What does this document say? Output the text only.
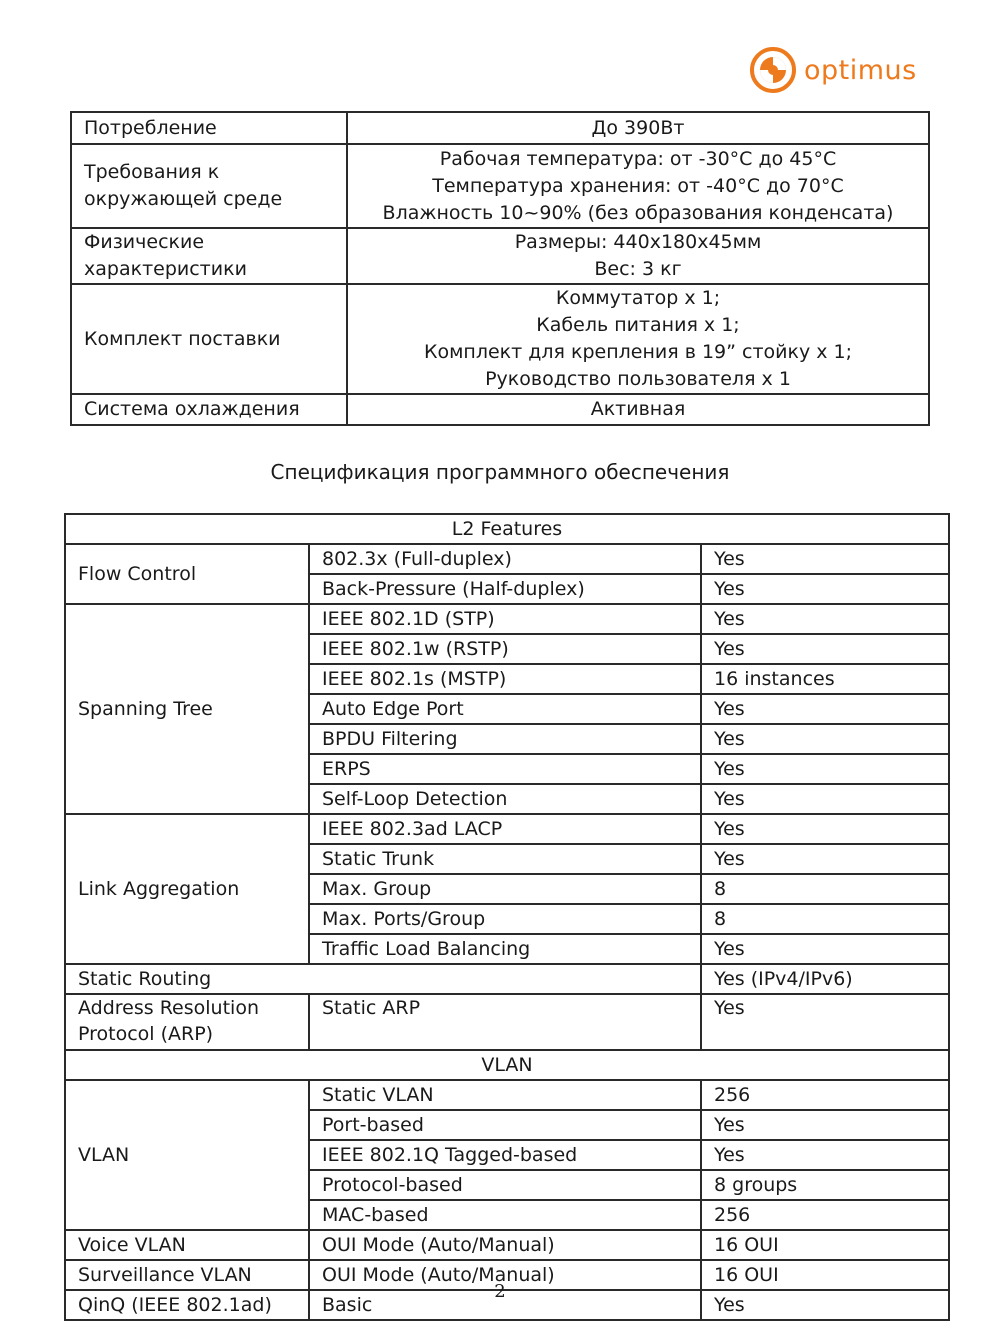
optimus
Потребление	До 390Вт

Требования к
окружающей среде	Рабочая температура: от -30°C до 45°C
Температура хранения: от -40°C до 70°C
Влажность 10~90% (без образования конденсата)

Физические
характеристики	Размеры: 440x180x45мм
Вес: 3 кг

Комплект поставки	Коммутатор х 1;
Кабель питания х 1;
Комплект для крепления в 19” стойку х 1;
Руководство пользователя х 1

Система охлаждения	Активная
Спецификация программного обеспечения
L2 Features		
Flow Control	802.3x (Full-duplex)	Yes
	Back-Pressure (Half-duplex)	Yes
Spanning Tree	IEEE 802.1D (STP)	Yes
	IEEE 802.1w (RSTP)	Yes
	IEEE 802.1s (MSTP)	16 instances
	Auto Edge Port	Yes
	BPDU Filtering	Yes
	ERPS	Yes
	Self-Loop Detection	Yes
Link Aggregation	IEEE 802.3ad LACP	Yes
	Static Trunk	Yes
	Max. Group	8
	Max. Ports/Group	8
	Traffic Load Balancing	Yes
Static Routing		Yes (IPv4/IPv6)

Address Resolution
Protocol (ARP)	Static ARP	Yes
VLAN		
VLAN	Static VLAN	256
	Port-based	Yes
	IEEE 802.1Q Tagged-based	Yes
	Protocol-based	8 groups
	MAC-based	256
Voice VLAN	OUI Mode (Auto/Manual)	16 OUI
Surveillance VLAN	OUI Mode (Auto/Manual)	16 OUI
QinQ (IEEE 802.1ad)	Basic	Yes
2
